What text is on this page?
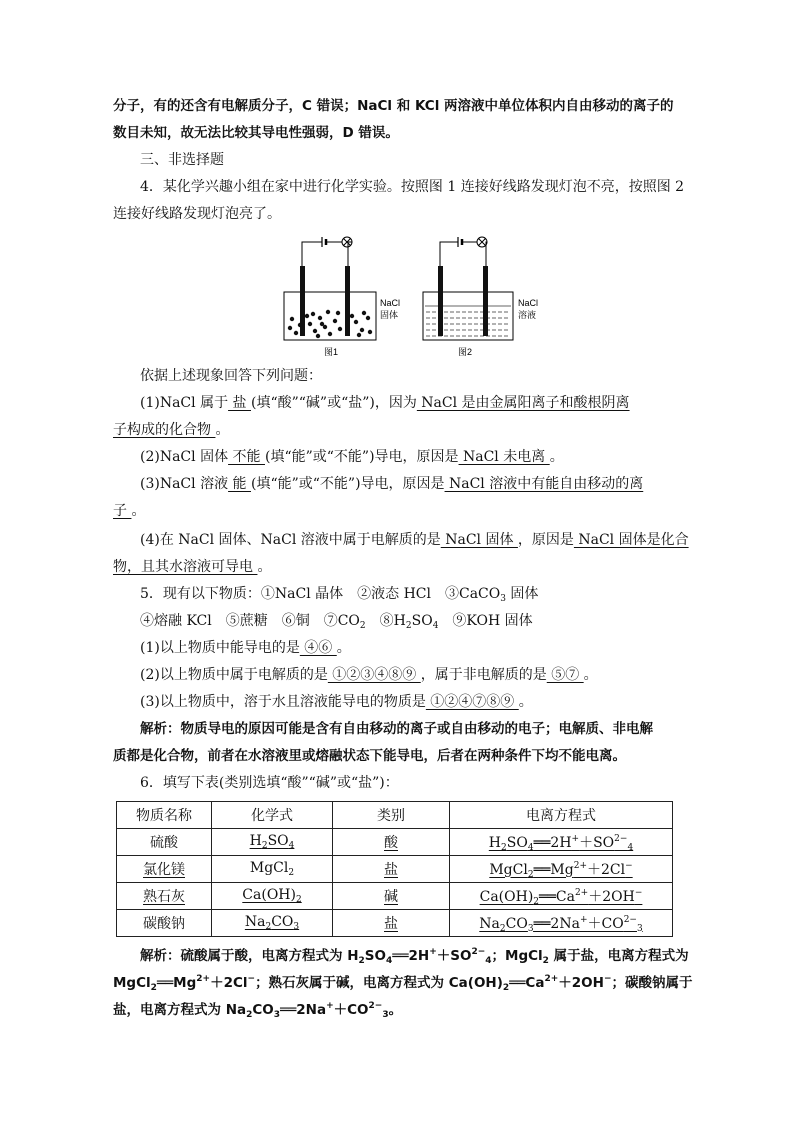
分子，有的还含有电解质分子，C 错误；NaCl 和 KCl 两溶液中单位体积内自由移动的离子的
数目未知，故无法比较其导电性强弱，D 错误。
三、非选择题
4．某化学兴趣小组在家中进行化学实验。按照图 1 连接好线路发现灯泡不亮，按照图 2
连接好线路发现灯泡亮了。
NaCl
固体
图1
NaCl
溶液
图2
依据上述现象回答下列问题：
(1)NaCl 属于 盐 (填“酸”“碱”或“盐”)，因为 NaCl 是由金属阳离子和酸根阴离
子构成的化合物 。
(2)NaCl 固体 不能 (填“能”或“不能”)导电，原因是 NaCl 未电离 。
(3)NaCl 溶液 能 (填“能”或“不能”)导电，原因是 NaCl 溶液中有能自由移动的离
子 。
(4)在 NaCl 固体、NaCl 溶液中属于电解质的是 NaCl 固体 ，原因是 NaCl 固体是化合
物，且其水溶液可导电 。
5．现有以下物质：①NaCl 晶体　②液态 HCl　③CaCO$_3$ 固体
④熔融 KCl　⑤蔗糖　⑥铜　$⑦CO_2$　$⑧H_2SO_4$　⑨KOH 固体
(1)以上物质中能导电的是 ④⑥ 。
(2)以上物质中属于电解质的是 ①②③④⑧⑨ ，属于非电解质的是 ⑤⑦ 。
(3)以上物质中，溶于水且溶液能导电的物质是 ①②④⑦⑧⑨ 。
解析：物质导电的原因可能是含有自由移动的离子或自由移动的电子；电解质、非电解
质都是化合物，前者在水溶液里或熔融状态下能导电，后者在两种条件下均不能电离。
6．填写下表(类别选填“酸”“碱”或“盐”)：
物质名称	化学式	类别	电离方程式
硫酸	$H_2SO_4$	酸	$H_2SO_4══2H^++SO^{2-}_4$
氯化镁	MgCl$_2$	盐	$MgCl_2══Mg^{2+}+2Cl^-$
熟石灰	$Ca(OH)_2$	碱	$Ca(OH)_2══Ca^{2+}+2OH^-$
碳酸钠	$Na_2CO_3$	盐	$Na_2CO_3══2Na^++CO^{2-}_3$
解析：硫酸属于酸，电离方程式为 $H_2SO_4══2H^++SO^{2-}_4$；MgCl$_2$ 属于盐，电离方程式为
$MgCl_2══Mg^{2+}+2Cl^-$；熟石灰属于碱，电离方程式为 $Ca(OH)_2══Ca^{2+}+2OH^-$；碳酸钠属于
盐，电离方程式为 $Na_2CO_3══2Na^++CO^{2-}_3$。
